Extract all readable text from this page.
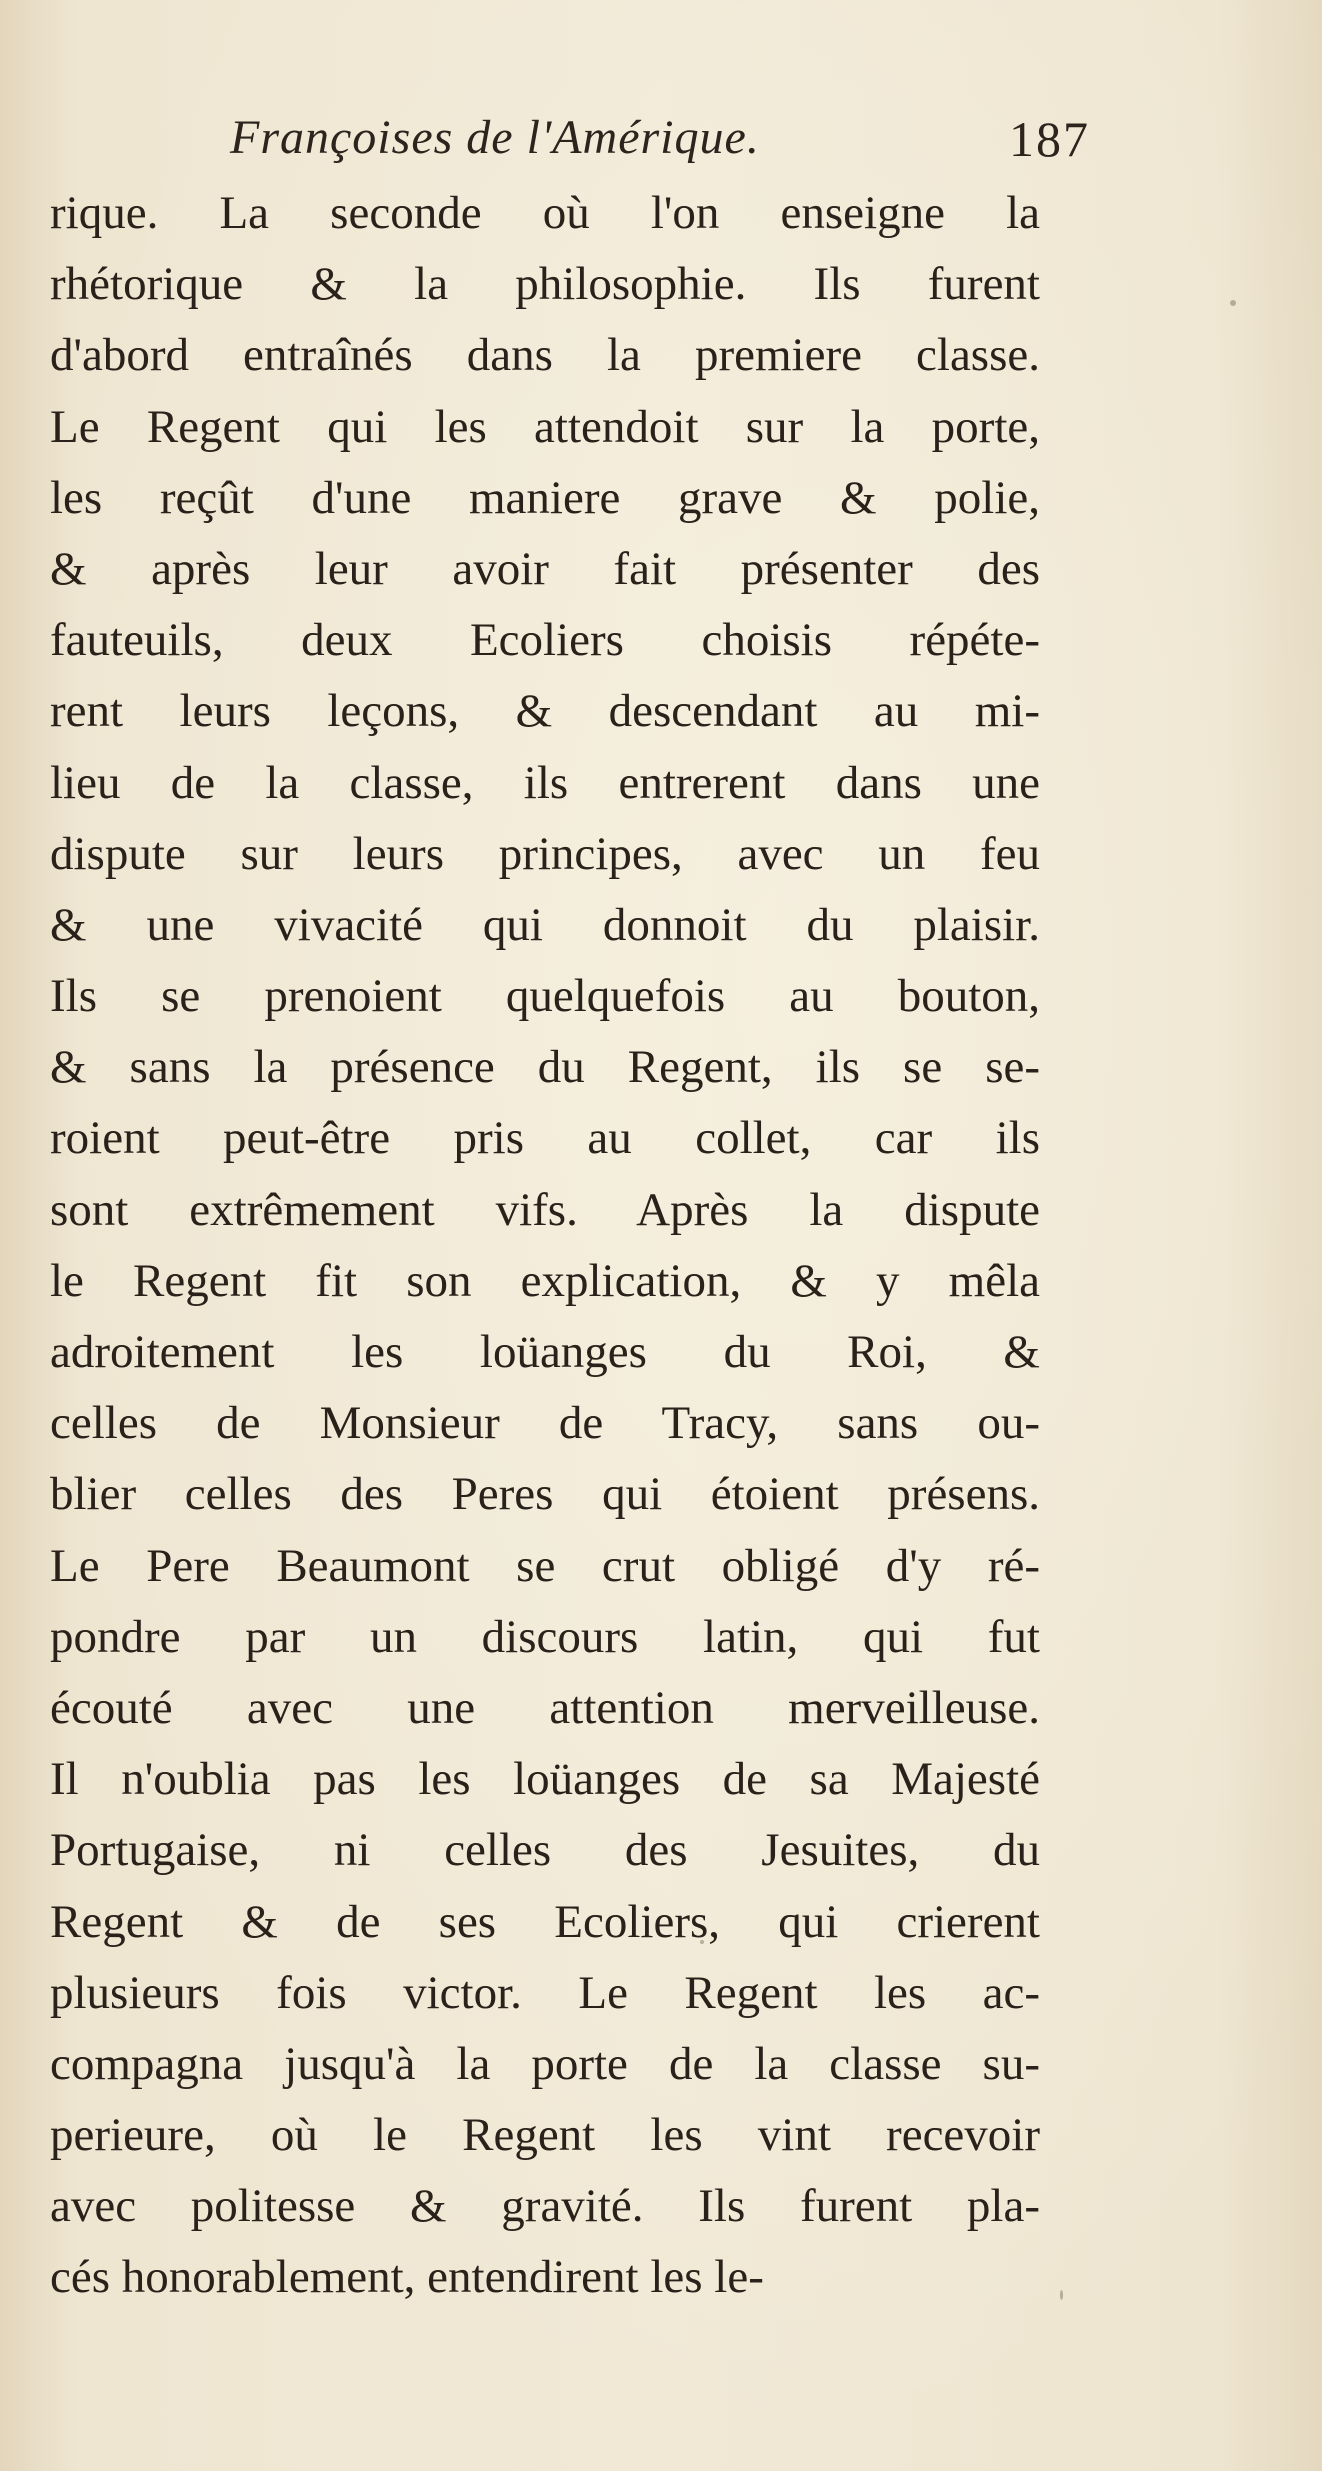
Françoises de l'Amérique.	187
rique. La seconde où l'on enseigne la
rhétorique & la philosophie. Ils furent
d'abord entraînés dans la premiere classe.
Le Regent qui les attendoit sur la porte,
les reçût d'une maniere grave & polie,
& après leur avoir fait présenter des
fauteuils, deux Ecoliers choisis répéte-
rent leurs leçons, & descendant au mi-
lieu de la classe, ils entrerent dans une
dispute sur leurs principes, avec un feu
& une vivacité qui donnoit du plaisir.
Ils se prenoient quelquefois au bouton,
& sans la présence du Regent, ils se se-
roient peut-être pris au collet, car ils
sont extrêmement vifs. Après la dispute
le Regent fit son explication, & y mêla
adroitement les loüanges du Roi, &
celles de Monsieur de Tracy, sans ou-
blier celles des Peres qui étoient présens.
Le Pere Beaumont se crut obligé d'y ré-
pondre par un discours latin, qui fut
écouté avec une attention merveilleuse.
Il n'oublia pas les loüanges de sa Majesté
Portugaise, ni celles des Jesuites, du
Regent & de ses Ecoliers, qui crierent
plusieurs fois victor. Le Regent les ac-
compagna jusqu'à la porte de la classe su-
perieure, où le Regent les vint recevoir
avec politesse & gravité. Ils furent pla-
cés honorablement, entendirent les le-
